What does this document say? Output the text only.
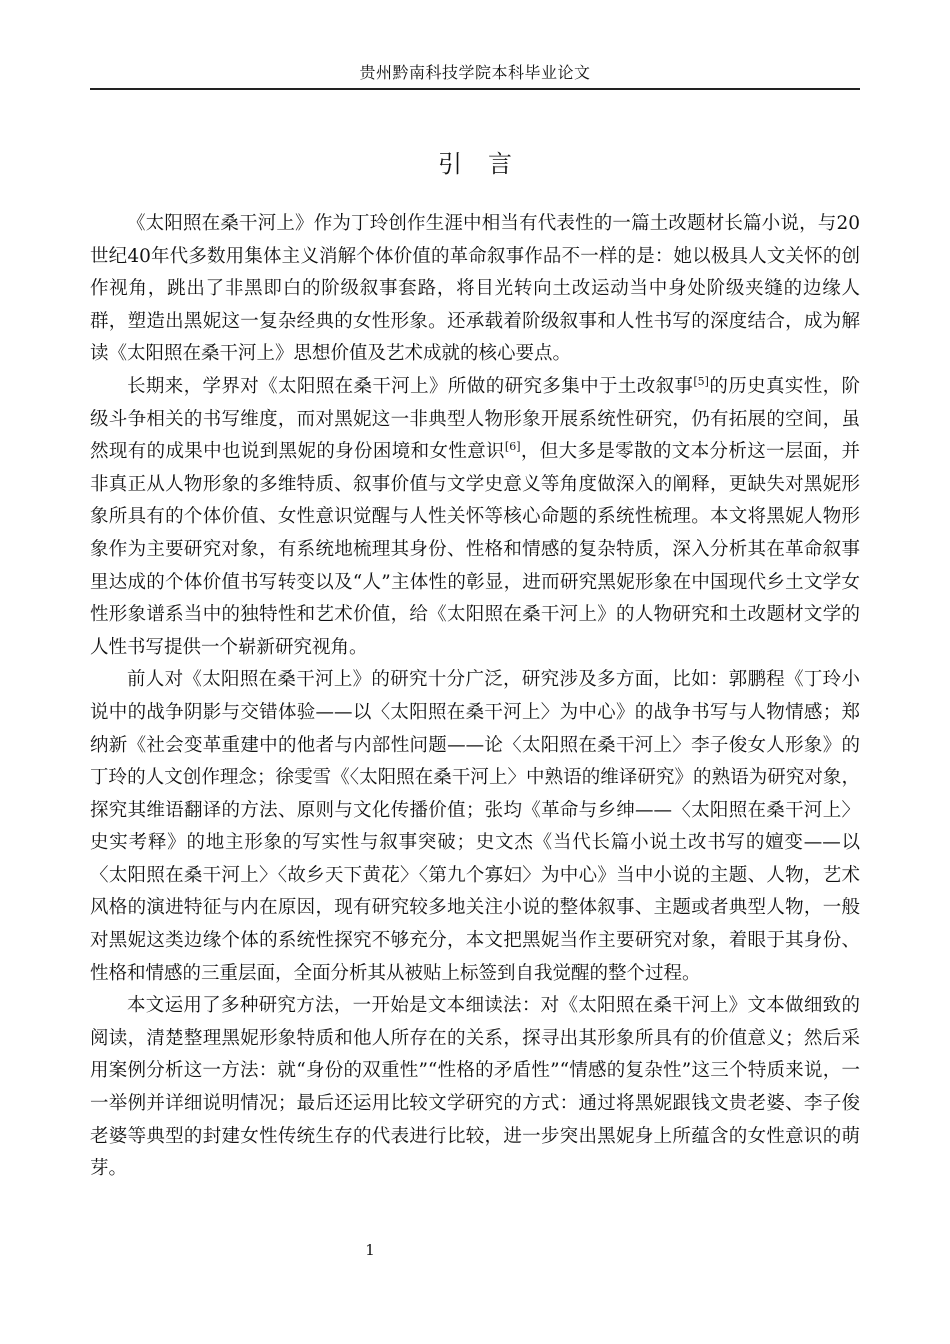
贵州黔南科技学院本科毕业论文
引言

《太阳照在桑干河上》作为丁玲创作生涯中相当有代表性的一篇土改题材长篇小说，与20世纪40年代多数用集体主义消解个体价值的革命叙事作品不一样的是：她以极具人文关怀的创作视角，跳出了非黑即白的阶级叙事套路，将目光转向土改运动当中身处阶级夹缝的边缘人群，塑造出黑妮这一复杂经典的女性形象。还承载着阶级叙事和人性书写的深度结合，成为解读《太阳照在桑干河上》思想价值及艺术成就的核心要点。

长期来，学界对《太阳照在桑干河上》所做的研究多集中于土改叙事[5]的历史真实性，阶级斗争相关的书写维度，而对黑妮这一非典型人物形象开展系统性研究，仍有拓展的空间，虽然现有的成果中也说到黑妮的身份困境和女性意识[6]，但大多是零散的文本分析这一层面，并非真正从人物形象的多维特质、叙事价值与文学史意义等角度做深入的阐释，更缺失对黑妮形象所具有的个体价值、女性意识觉醒与人性关怀等核心命题的系统性梳理。本文将黑妮人物形象作为主要研究对象，有系统地梳理其身份、性格和情感的复杂特质，深入分析其在革命叙事里达成的个体价值书写转变以及“人”主体性的彰显，进而研究黑妮形象在中国现代乡土文学女性形象谱系当中的独特性和艺术价值，给《太阳照在桑干河上》的人物研究和土改题材文学的人性书写提供一个崭新研究视角。

前人对《太阳照在桑干河上》的研究十分广泛，研究涉及多方面，比如：郭鹏程《丁玲小说中的战争阴影与交错体验——以〈太阳照在桑干河上〉为中心》的战争书写与人物情感；郑纳新《社会变革重建中的他者与内部性问题——论〈太阳照在桑干河上〉李子俊女人形象》的丁玲的人文创作理念；徐雯雪《〈太阳照在桑干河上〉中熟语的维译研究》的熟语为研究对象，探究其维语翻译的方法、原则与文化传播价值；张均《革命与乡绅——〈太阳照在桑干河上〉史实考释》的地主形象的写实性与叙事突破；史文杰《当代长篇小说土改书写的嬗变——以〈太阳照在桑干河上〉〈故乡天下黄花〉〈第九个寡妇〉为中心》当中小说的主题、人物，艺术风格的演进特征与内在原因，现有研究较多地关注小说的整体叙事、主题或者典型人物，一般对黑妮这类边缘个体的系统性探究不够充分，本文把黑妮当作主要研究对象，着眼于其身份、性格和情感的三重层面，全面分析其从被贴上标签到自我觉醒的整个过程。

本文运用了多种研究方法，一开始是文本细读法：对《太阳照在桑干河上》文本做细致的阅读，清楚整理黑妮形象特质和他人所存在的关系，探寻出其形象所具有的价值意义；然后采用案例分析这一方法：就“身份的双重性”“性格的矛盾性”“情感的复杂性”这三个特质来说，一一举例并详细说明情况；最后还运用比较文学研究的方式：通过将黑妮跟钱文贵老婆、李子俊老婆等典型的封建女性传统生存的代表进行比较，进一步突出黑妮身上所蕴含的女性意识的萌芽。

1
